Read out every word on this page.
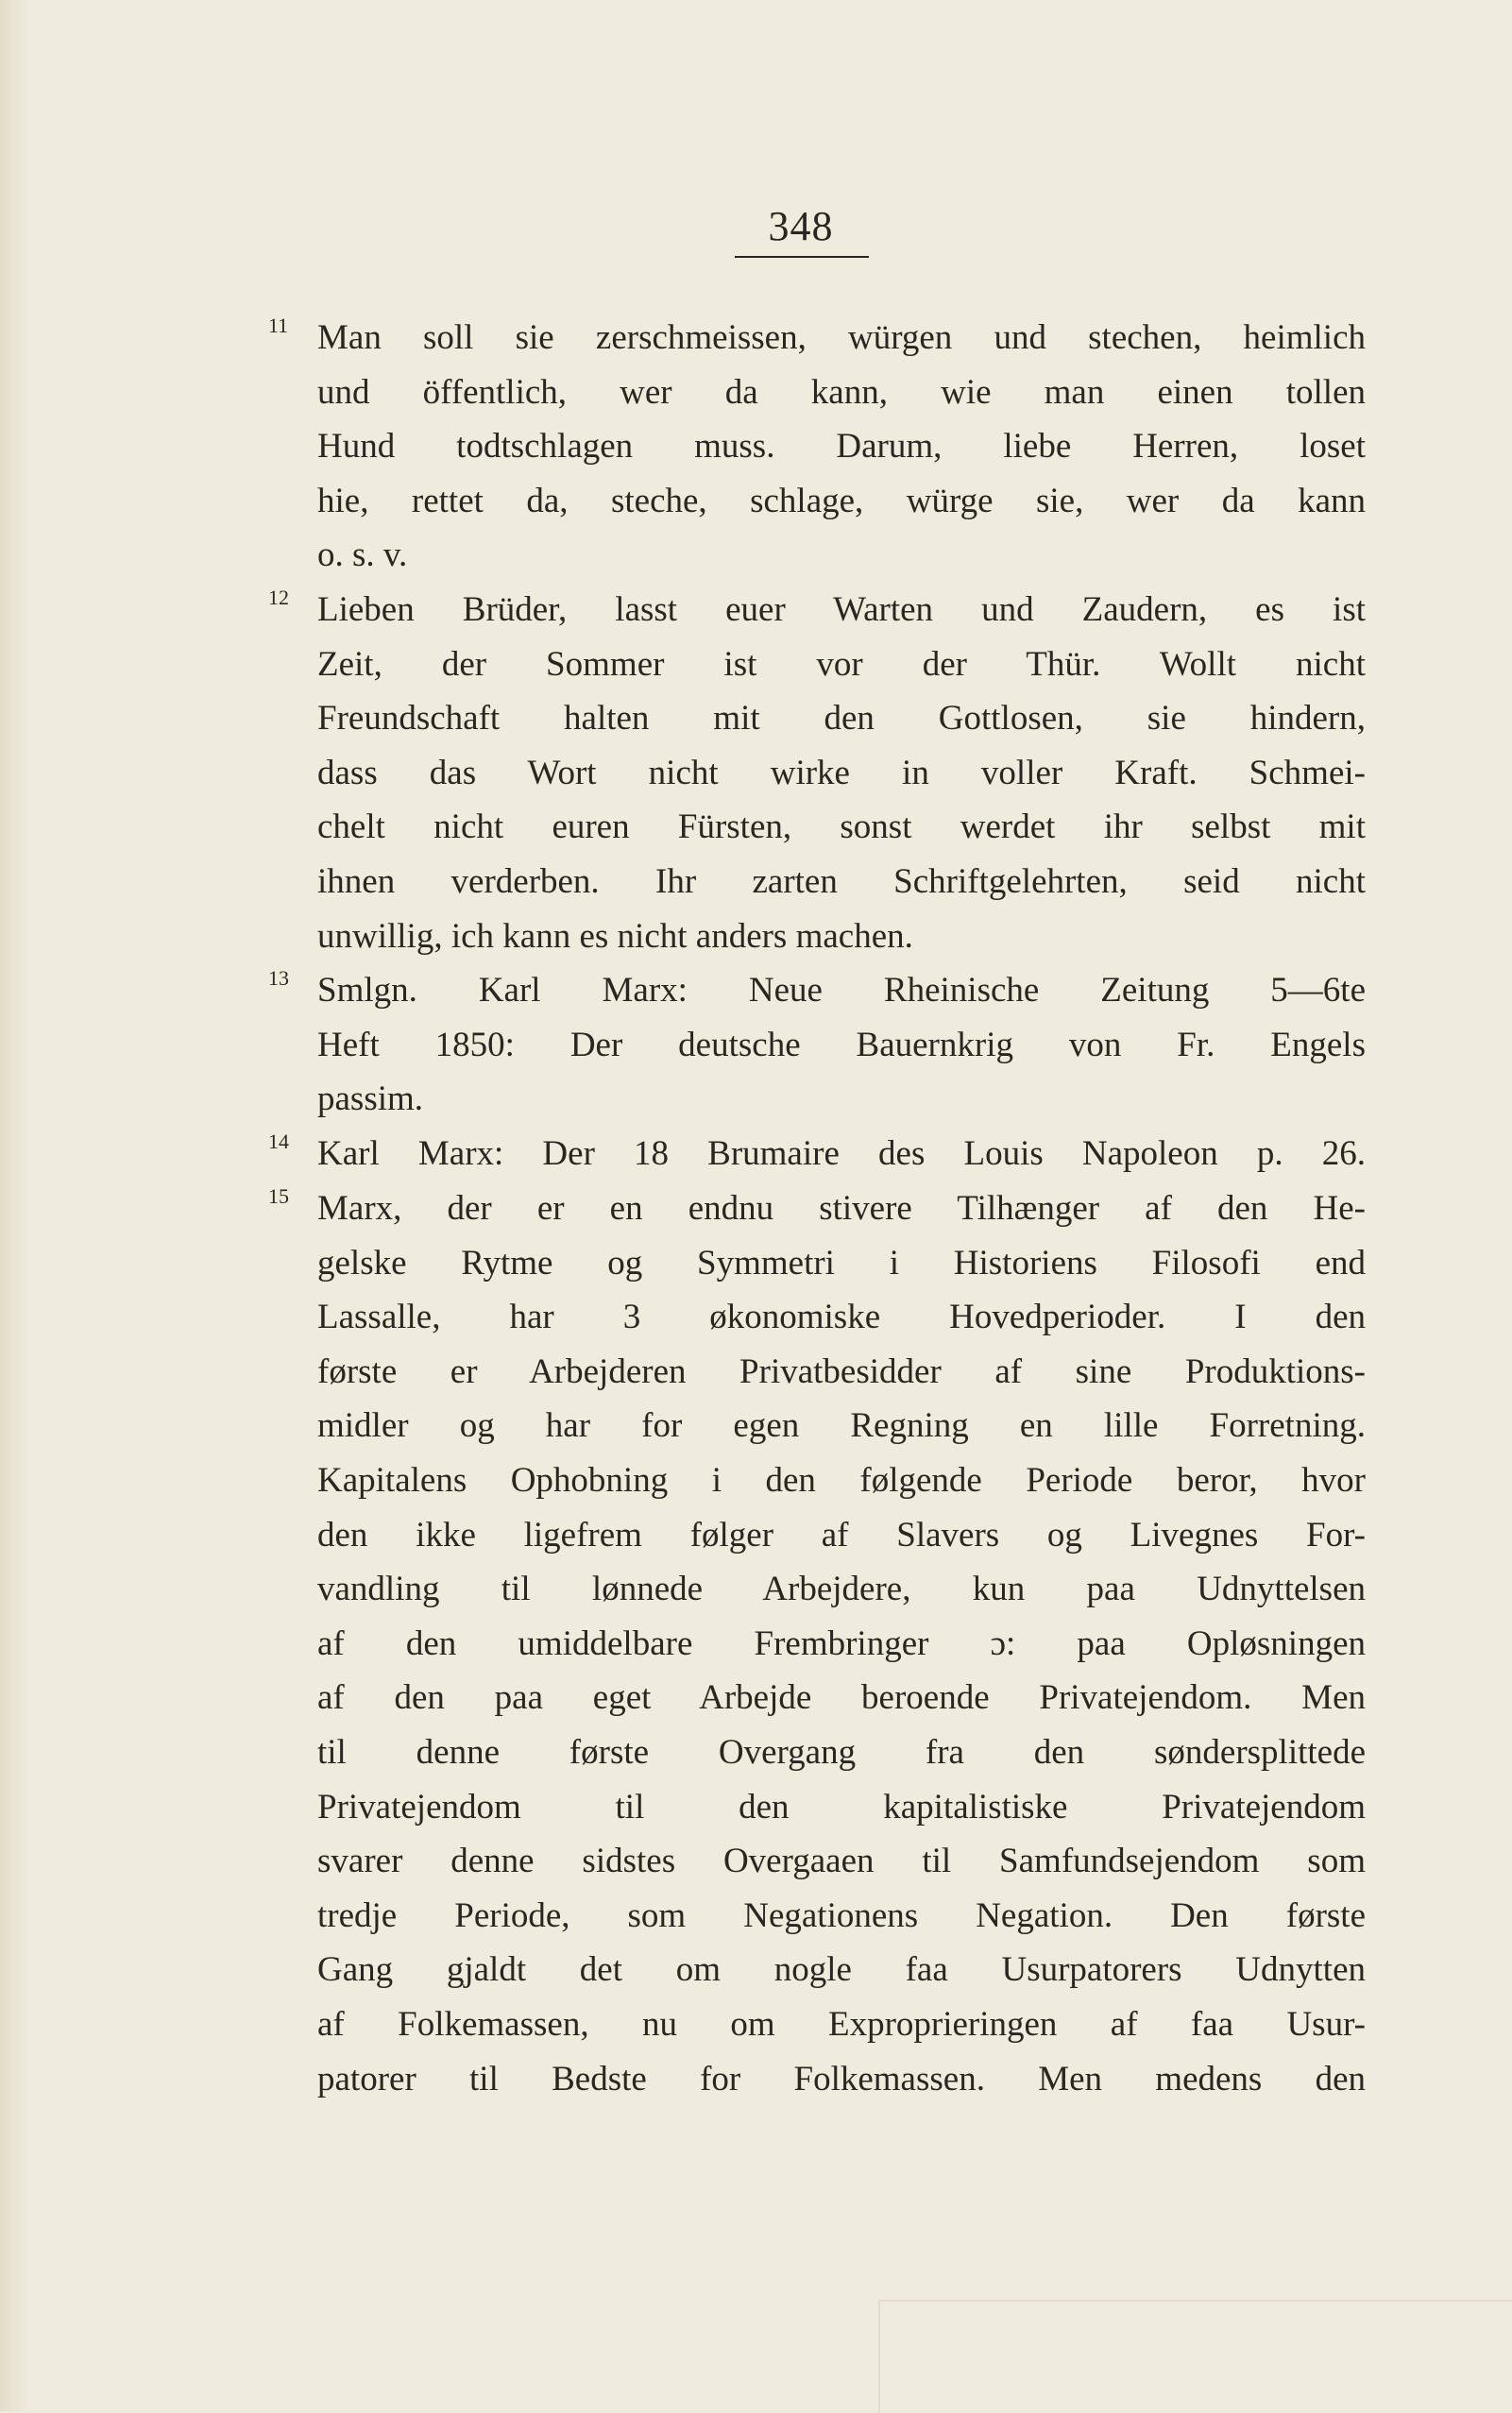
348
11 Man soll sie zerschmeissen, würgen und stechen, heimlich
und öffentlich, wer da kann, wie man einen tollen
Hund todtschlagen muss. Darum, liebe Herren, loset
hie, rettet da, steche, schlage, würge sie, wer da kann
o. s. v.
12 Lieben Brüder, lasst euer Warten und Zaudern, es ist
Zeit, der Sommer ist vor der Thür. Wollt nicht
Freundschaft halten mit den Gottlosen, sie hindern,
dass das Wort nicht wirke in voller Kraft. Schmei-
chelt nicht euren Fürsten, sonst werdet ihr selbst mit
ihnen verderben. Ihr zarten Schriftgelehrten, seid nicht
unwillig, ich kann es nicht anders machen.
13 Smlgn. Karl Marx: Neue Rheinische Zeitung 5—6te
Heft 1850: Der deutsche Bauernkrig von Fr. Engels
passim.
14 Karl Marx: Der 18 Brumaire des Louis Napoleon p. 26.
15 Marx, der er en endnu stivere Tilhænger af den He-
gelske Rytme og Symmetri i Historiens Filosofi end
Lassalle, har 3 økonomiske Hovedperioder. I den
første er Arbejderen Privatbesidder af sine Produktions-
midler og har for egen Regning en lille Forretning.
Kapitalens Ophobning i den følgende Periode beror, hvor
den ikke ligefrem følger af Slavers og Livegnes For-
vandling til lønnede Arbejdere, kun paa Udnyttelsen
af den umiddelbare Frembringer ɔ: paa Opløsningen
af den paa eget Arbejde beroende Privatejendom. Men
til denne første Overgang fra den søndersplittede
Privatejendom til den kapitalistiske Privatejendom
svarer denne sidstes Overgaaen til Samfundsejendom som
tredje Periode, som Negationens Negation. Den første
Gang gjaldt det om nogle faa Usurpatorers Udnytten
af Folkemassen, nu om Exproprieringen af faa Usur-
patorer til Bedste for Folkemassen. Men medens den
